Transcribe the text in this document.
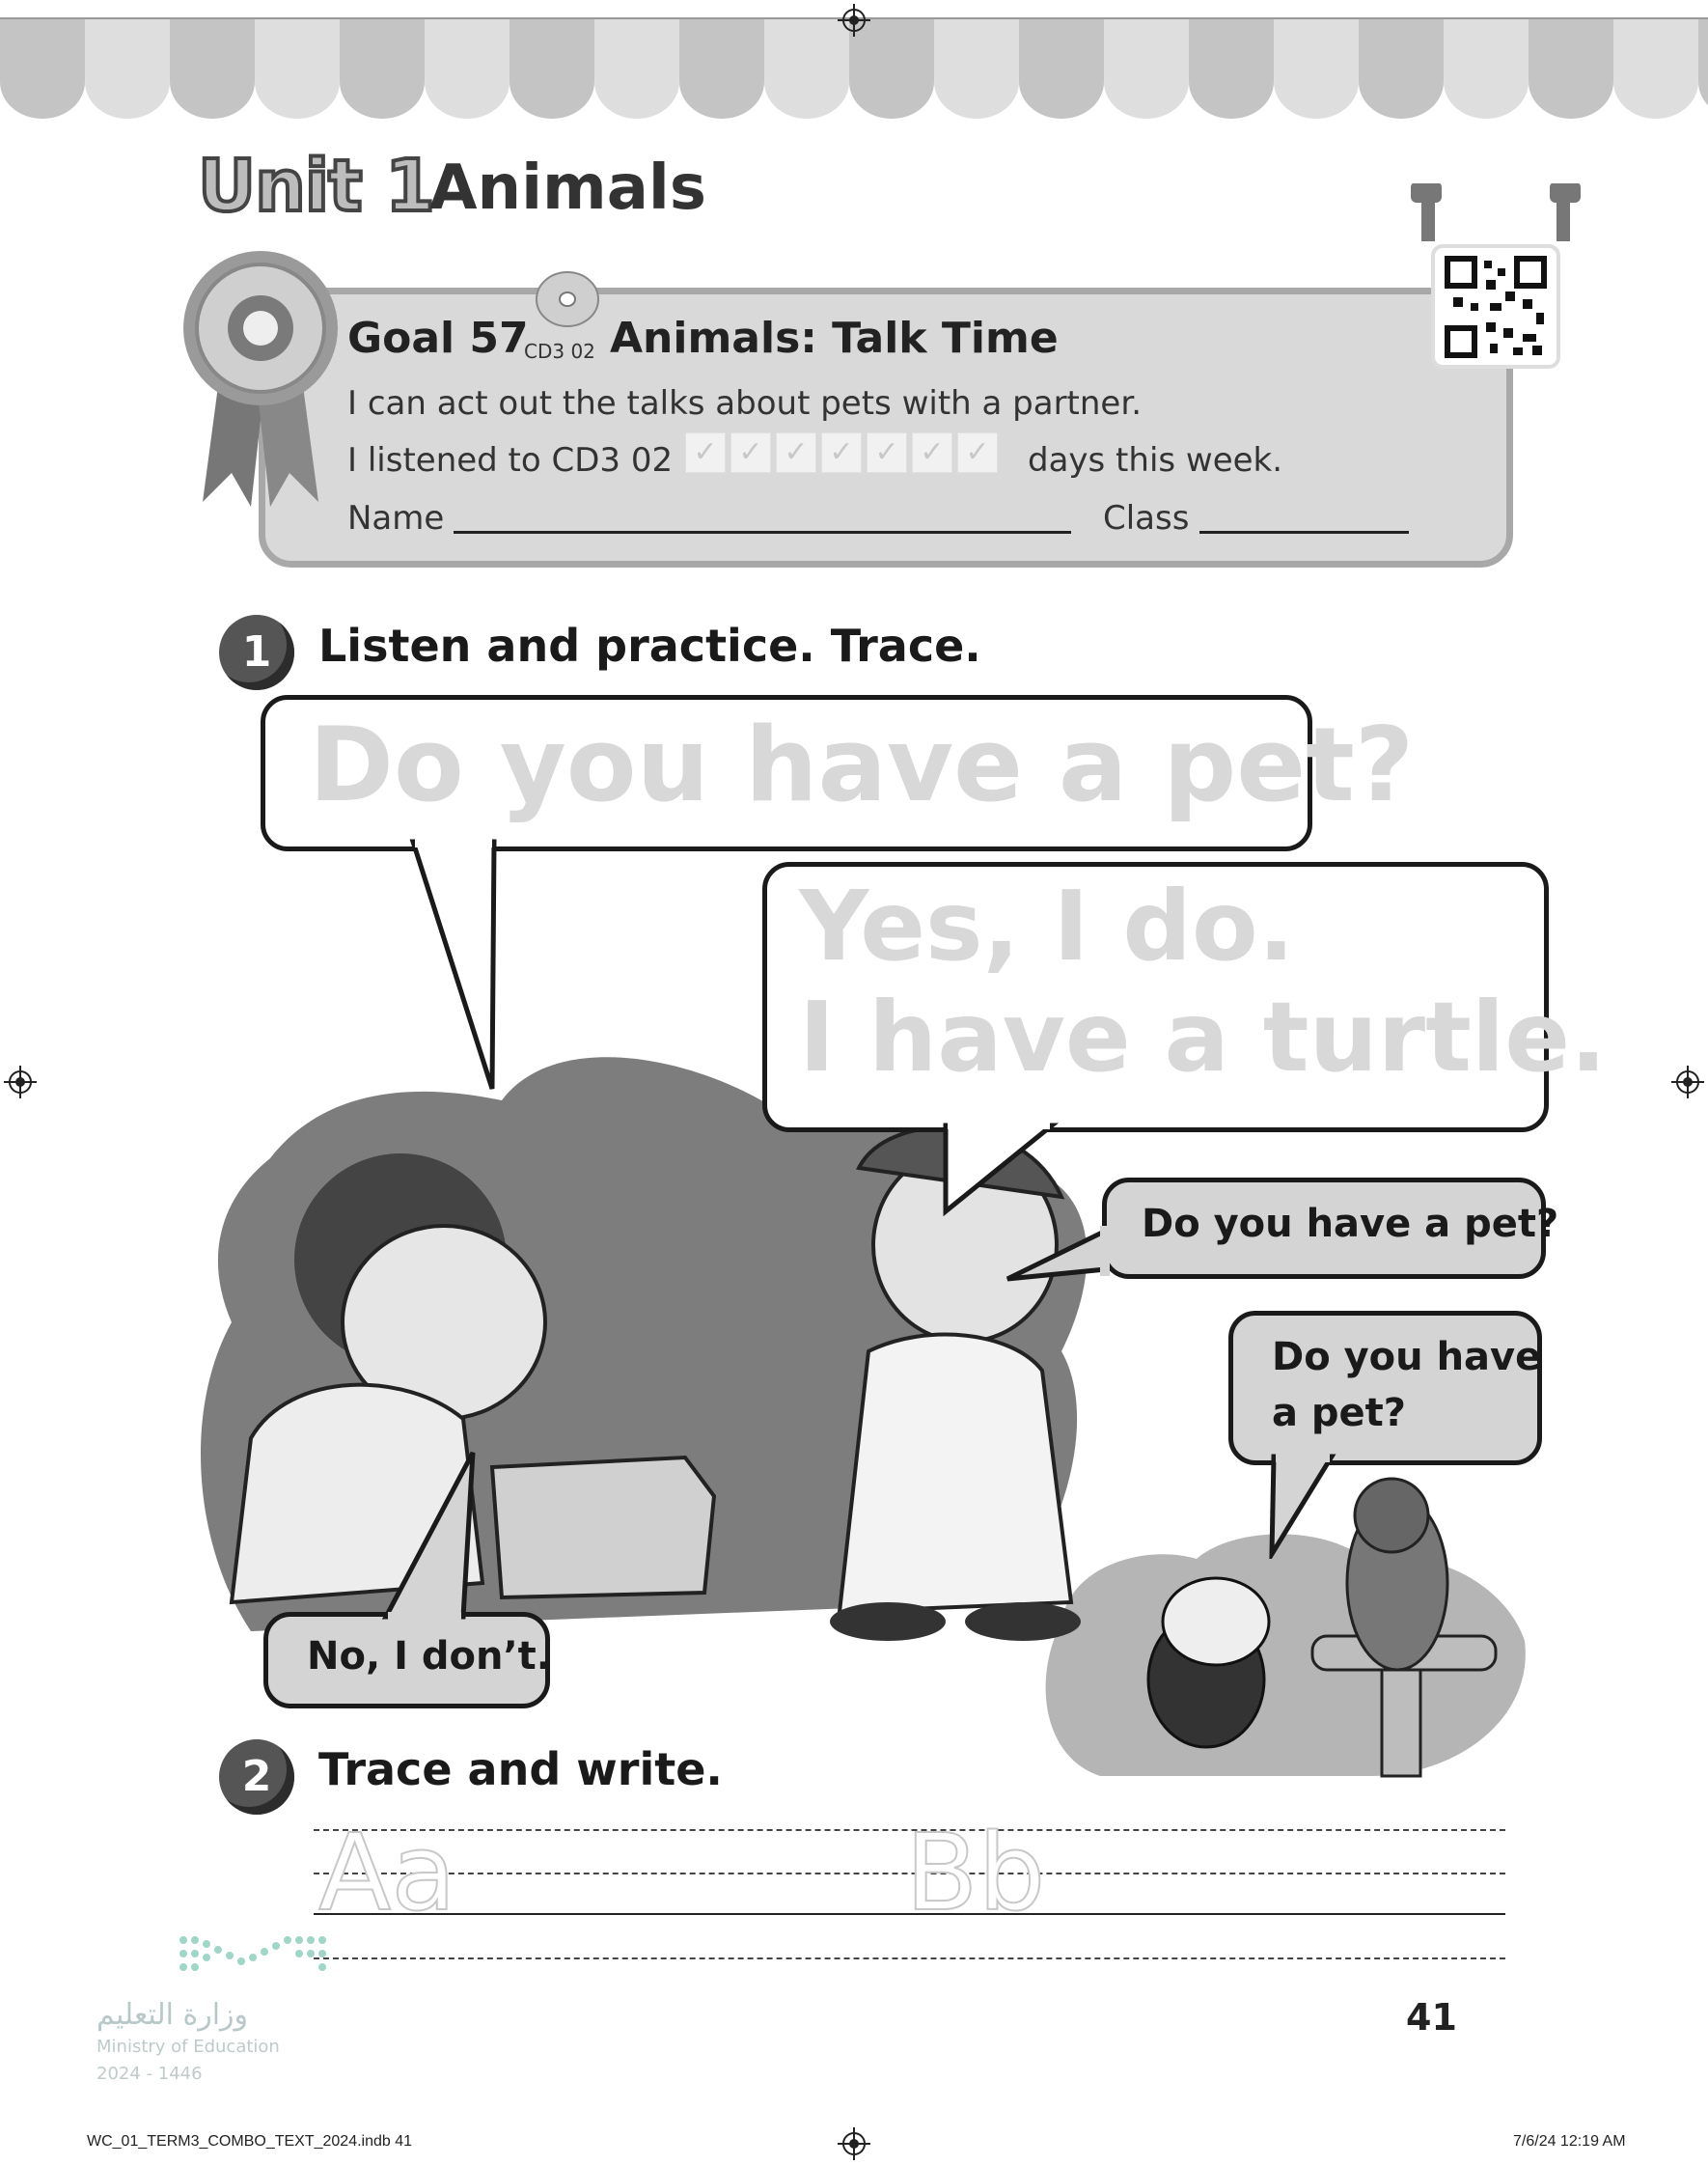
Unit 1
Animals
Goal 57
CD3 02 Animals: Talk Time
I can act out the talks about pets with a partner.
I listened to CD3 02 ✓ ✓ ✓ ✓ ✓ ✓ ✓ days this week.
Name	Class
1	Listen and practice. Trace.
Do you have a pet?
Yes, I do.
I have a turtle.
Do you have a pet?
Do you have
a pet?
No, I don’t.
2	Trace and write.
Aa	Bb
وزارة التعليم
Ministry of Education
2024 - 1446
41
WC_01_TERM3_COMBO_TEXT_2024.indb 41	7/6/24 12:19 AM
